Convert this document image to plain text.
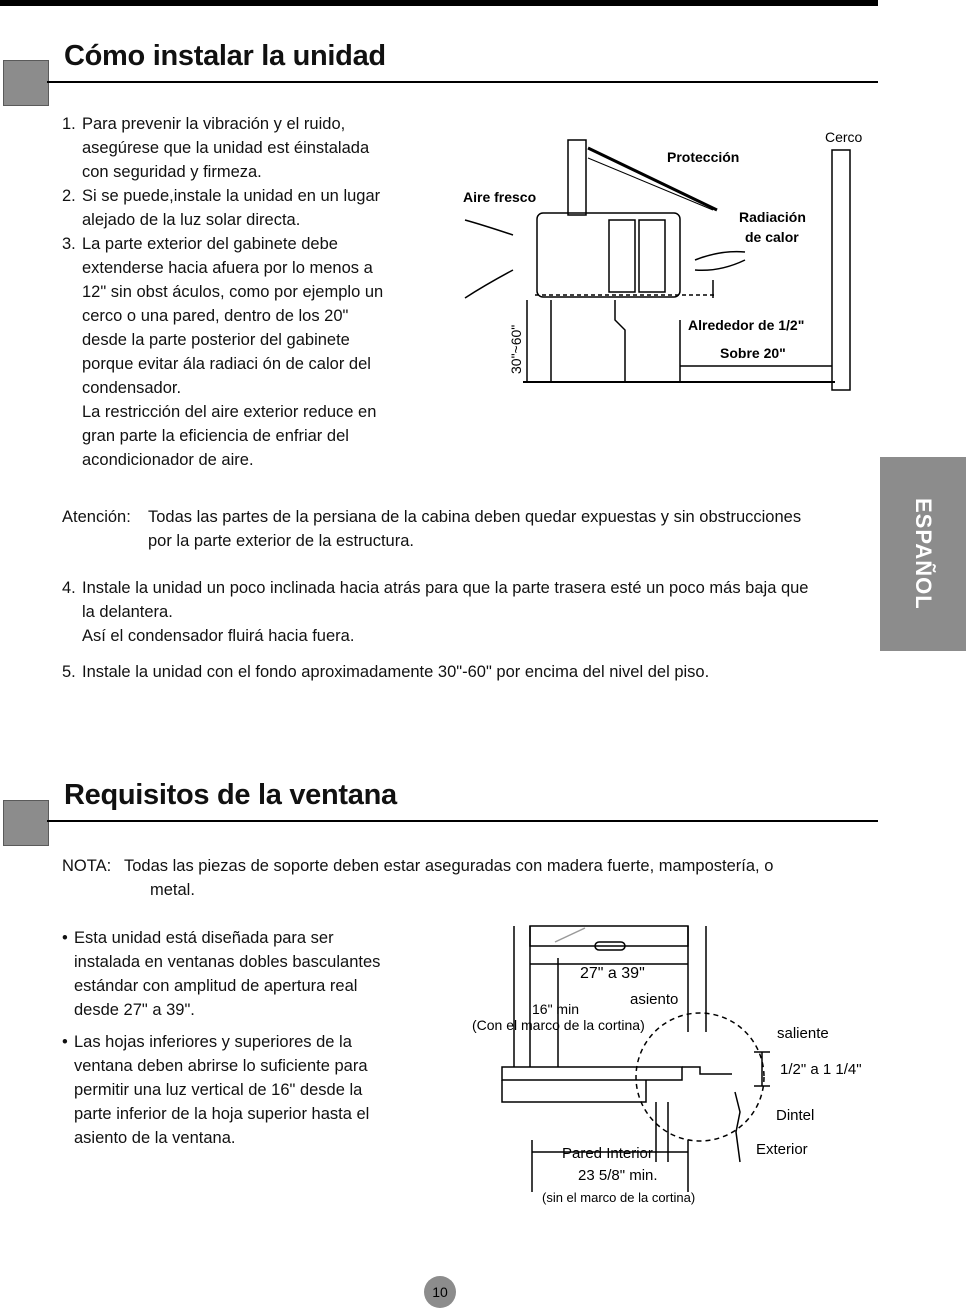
Cómo instalar la unidad
1. Para prevenir la vibración y el ruido,
asegúrese que la unidad est éinstalada
con seguridad y firmeza.
2. Si se puede,instale la unidad en un lugar
alejado de la luz solar directa.
3. La parte exterior del gabinete debe
extenderse hacia afuera por lo menos a
12" sin obst áculos, como por ejemplo un
cerco o una pared, dentro de los 20"
desde la parte posterior del gabinete
porque evitar ála radiaci ón de calor del
condensador.
La restricción del aire exterior reduce en
gran parte la eficiencia de enfriar del
acondicionador de aire.
Cerco
Protección
Aire fresco
Radiación
de calor
Alrededor de 1/2"
Sobre 20"
30"~60"
ESPAÑOL
Atención: Todas las partes de la persiana de la cabina deben quedar expuestas y sin obstrucciones
por la parte exterior de la estructura.
4. Instale la unidad un poco inclinada hacia atrás para que la parte trasera esté un poco más baja que
la delantera.
Así el condensador fluirá hacia fuera.
5. Instale la unidad con el fondo aproximadamente 30"-60" por encima del nivel del piso.
Requisitos de la ventana
NOTA: Todas las piezas de soporte deben estar aseguradas con madera fuerte, mampostería, o
metal.
• Esta unidad está diseñada para ser
instalada en ventanas dobles basculantes
estándar con amplitud de apertura real
desde 27" a 39".
• Las hojas inferiores y superiores de la
ventana deben abrirse lo suficiente para
permitir una luz vertical de 16" desde la
parte inferior de la hoja superior hasta el
asiento de la ventana.
27" a 39"
16" min
(Con el marco de la cortina)
asiento
saliente
1/2" a 1 1/4"
Dintel
Exterior
Pared Interior
23 5/8" min.
(sin el marco de la cortina)
10
